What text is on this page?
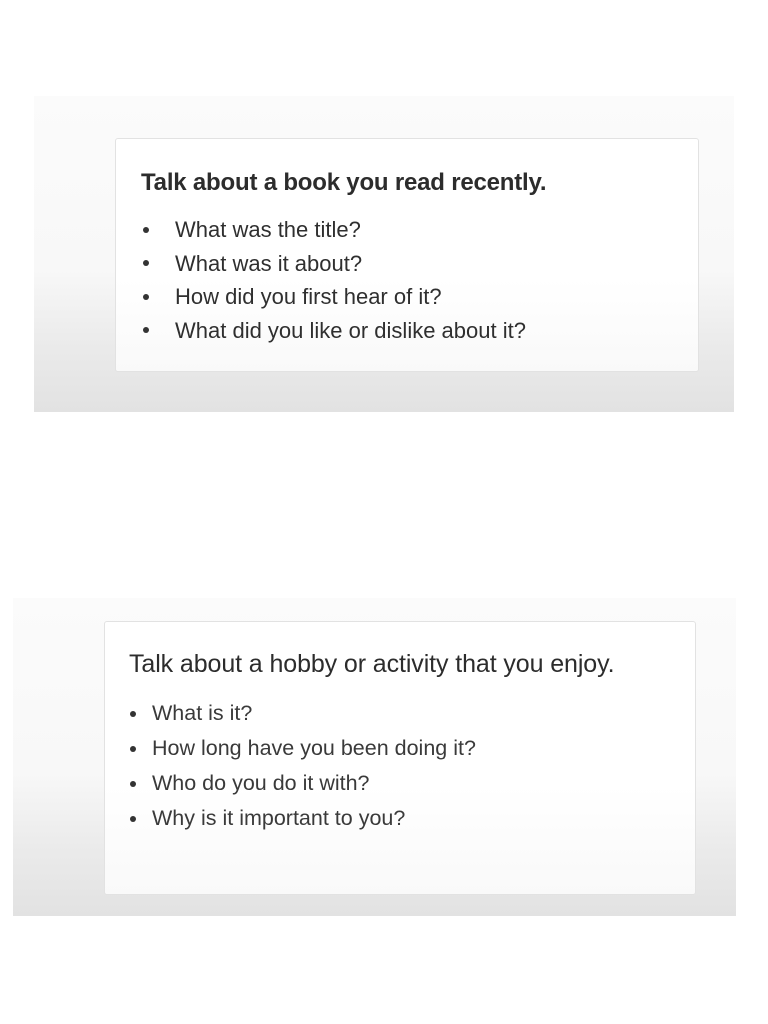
Talk about a book you read recently.
What was the title?
What was it about?
How did you first hear of it?
What did you like or dislike about it?
Talk about a hobby or activity that you enjoy.
What is it?
How long have you been doing it?
Who do you do it with?
Why is it important to you?
